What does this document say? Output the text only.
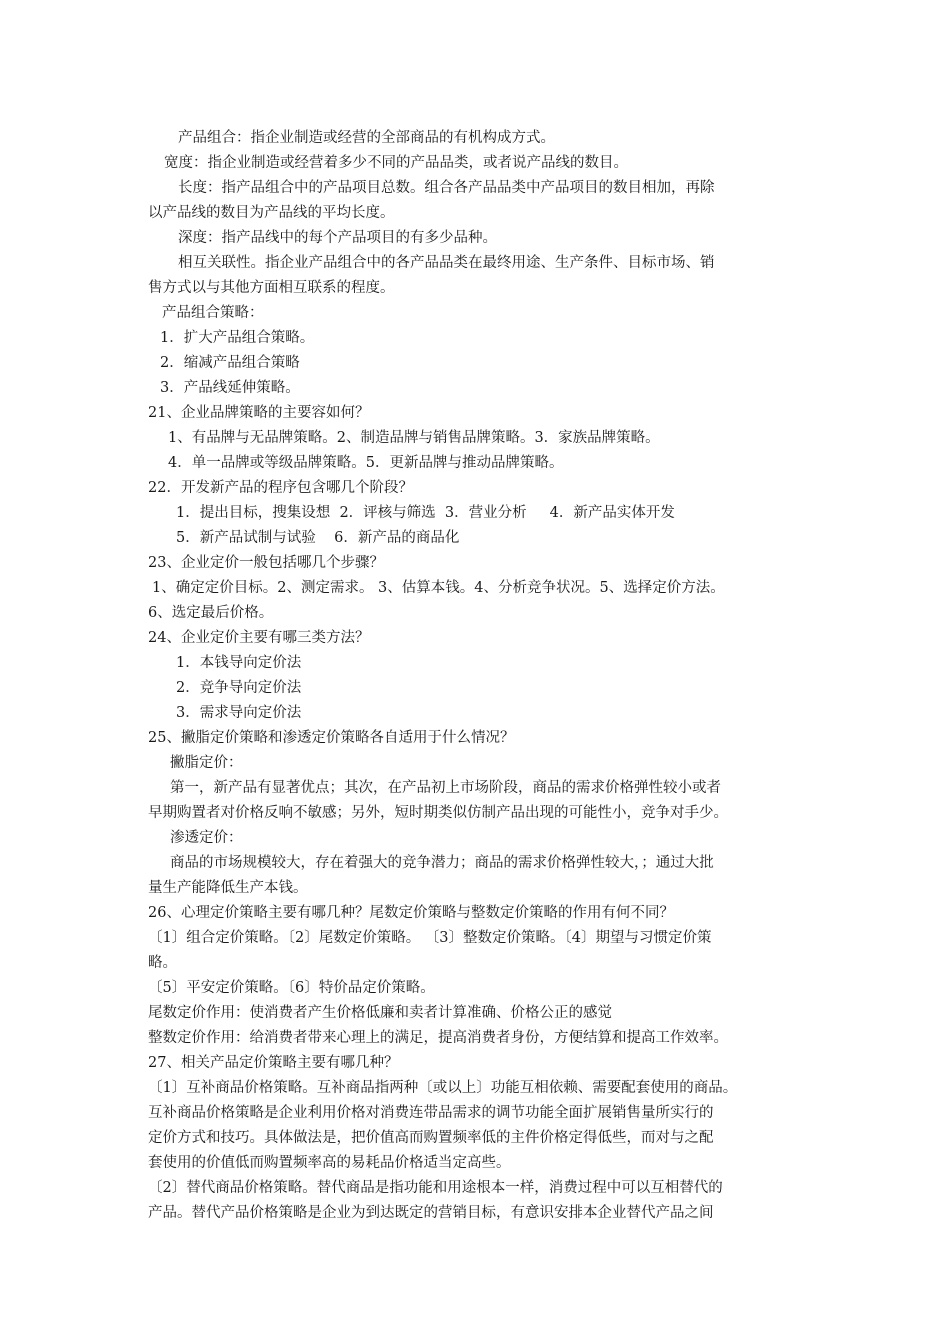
产品组合：指企业制造或经营的全部商品的有机构成方式。
宽度：指企业制造或经营着多少不同的产品品类，或者说产品线的数目。
长度：指产品组合中的产品项目总数。组合各产品品类中产品项目的数目相加，再除
以产品线的数目为产品线的平均长度。
深度：指产品线中的每个产品项目的有多少品种。
相互关联性。指企业产品组合中的各产品品类在最终用途、生产条件、目标市场、销
售方式以与其他方面相互联系的程度。
产品组合策略：
1．扩大产品组合策略。
2．缩减产品组合策略
3．产品线延伸策略。
21、企业品牌策略的主要容如何？
1、有品牌与无品牌策略。2、制造品牌与销售品牌策略。3．家族品牌策略。
4．单一品牌或等级品牌策略。5．更新品牌与推动品牌策略。
22．开发新产品的程序包含哪几个阶段？
1．提出目标，搜集设想  2．评核与筛选  3．营业分析     4．新产品实体开发
5．新产品试制与试验    6．新产品的商品化
23、企业定价一般包括哪几个步骤？
1、确定定价目标。2、测定需求。 3、估算本钱。4、分析竞争状况。5、选择定价方法。
6、选定最后价格。
24、企业定价主要有哪三类方法？
1．本钱导向定价法
2．竞争导向定价法
3．需求导向定价法
25、撇脂定价策略和渗透定价策略各自适用于什么情况？
撇脂定价：
第一，新产品有显著优点；其次，在产品初上市场阶段，商品的需求价格弹性较小或者
早期购置者对价格反响不敏感；另外，短时期类似仿制产品出现的可能性小，竞争对手少。
渗透定价：
商品的市场规模较大，存在着强大的竞争潜力；商品的需求价格弹性较大，；通过大批
量生产能降低生产本钱。
26、心理定价策略主要有哪几种？尾数定价策略与整数定价策略的作用有何不同？
〔1〕组合定价策略。〔2〕尾数定价策略。 〔3〕整数定价策略。〔4〕期望与习惯定价策
略。
〔5〕平安定价策略。〔6〕特价品定价策略。
尾数定价作用：使消费者产生价格低廉和卖者计算准确、价格公正的感觉
整数定价作用：给消费者带来心理上的满足，提高消费者身份，方便结算和提高工作效率。
27、相关产品定价策略主要有哪几种？
〔1〕互补商品价格策略。互补商品指两种〔或以上〕功能互相依赖、需要配套使用的商品。
互补商品价格策略是企业利用价格对消费连带品需求的调节功能全面扩展销售量所实行的
定价方式和技巧。具体做法是，把价值高而购置频率低的主件价格定得低些，而对与之配
套使用的价值低而购置频率高的易耗品价格适当定高些。
〔2〕替代商品价格策略。替代商品是指功能和用途根本一样，消费过程中可以互相替代的
产品。替代产品价格策略是企业为到达既定的营销目标，有意识安排本企业替代产品之间
